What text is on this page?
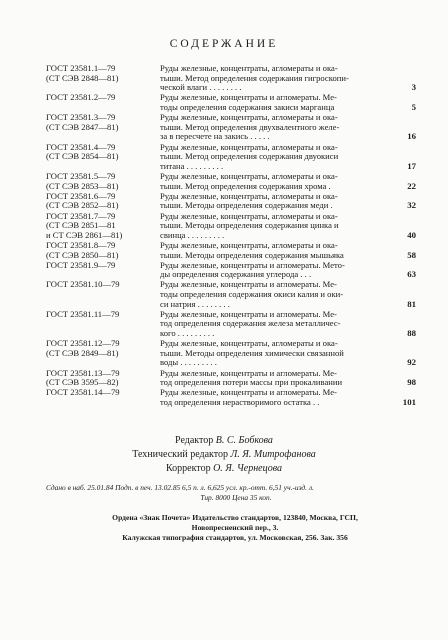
СОДЕРЖАНИЕ
ГОСТ 23581.1—79
(СТ СЭВ 2848—81)
Руды железные, концентраты, агломераты и ока-
тыши. Метод определения содержания гигроскопи-
ческой влаги . . . . . . . .	3
ГОСТ 23581.2—79	Руды железные, концентраты и агломераты. Ме-
тоды определения содержания закиси марганца	5
ГОСТ 23581.3—79
(СТ СЭВ 2847—81)
Руды железные, концентраты, агломераты и ока-
тыши. Метод определения двухвалентного желе-
за в пересчете на закись . . . . .	16
ГОСТ 23581.4—79
(СТ СЭВ 2854—81)
Руды железные, концентраты, агломераты и ока-
тыши. Метод определения содержания двуокиси
титана . . . . . . . . .	17
ГОСТ 23581.5—79
(СТ СЭВ 2853—81)
Руды железные, концентраты, агломераты и ока-
тыши. Метод определения содержания хрома .	22
ГОСТ 23581.6—79
(СТ СЭВ 2852—81)
Руды железные, концентраты, агломераты и ока-
тыши. Методы определения содержания меди .	32
ГОСТ 23581.7—79
(СТ СЭВ 2851—81
и СТ СЭВ 2861—81)
Руды железные, концентраты, агломераты и ока-
тыши. Методы определения содержания цинка и
свинца . . . . . . . . .	40
ГОСТ 23581.8—79
(СТ СЭВ 2850—81)
Руды железные, концентраты, агломераты и ока-
тыши. Методы определения содержания мышьяка	58
ГОСТ 23581.9—79	Руды железные, концентраты и агломераты. Мето-
ды определения содержания углерода . . .	63
ГОСТ 23581.10—79	Руды железные, концентраты и агломераты. Ме-
тоды определения содержания окиси калия и оки-
си натрия . . . . . . . .	81
ГОСТ 23581.11—79	Руды железные, концентраты и агломераты. Ме-
тод определения содержания железа металличес-
кого . . . . . . . . .	88
ГОСТ 23581.12—79
(СТ СЭВ 2849—81)
Руды железные, концентраты, агломераты и ока-
тыши. Методы определения химически связанной
воды . . . . . . . . .	92
ГОСТ 23581.13—79
(СТ СЭВ 3595—82)
Руды железные, концентраты и агломераты. Ме-
тод определения потери массы при прокаливании	98
ГОСТ 23581.14—79	Руды железные, концентраты и агломераты. Ме-
тод определения нерастворимого остатка . .	101
Редактор В. С. Бобкова
Технический редактор Л. Я. Митрофанова
Корректор О. Я. Чернецова
Сдано в наб. 25.01.84 Подп. в печ. 13.02.85 6,5 п. л. 6,625 усл. кр.-отт. 6,51 уч.-изд. л.
Тир. 8000 Цена 35 коп.
Ордена «Знак Почета» Издательство стандартов, 123840, Москва, ГСП,
Новопресненский пер., 3.
Калужская типография стандартов, ул. Московская, 256. Зак. 356
